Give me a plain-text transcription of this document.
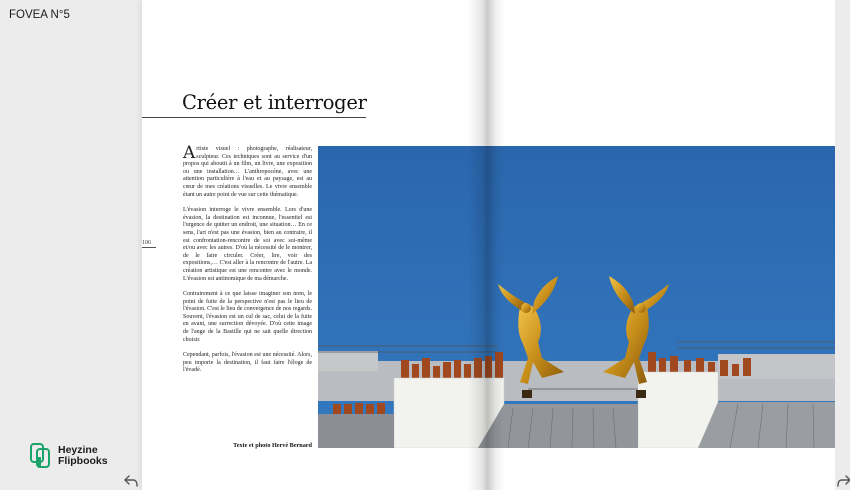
FOVEA N°5
Créer et interroger
106

Artiste visuel : photographe, réalisateur, sculpteur. Ces techniques sont au service d'un propos qui aboutit à un film, un livre, une exposition ou une installation… L'anthropocène, avec une attention particulière à l'eau et au paysage, est au cœur de mes créations visuelles. Le vivre ensemble étant un autre point de vue sur cette thématique.

L'évasion interroge le vivre ensemble. Lors d'une évasion, la destination est inconnue, l'essentiel est l'urgence de quitter un endroit, une situation… En ce sens, l'art n'est pas une évasion, bien au contraire, il est confrontation-rencontre de soi avec soi-même et/ou avec les autres. D'où la nécessité de le montrer, de le faire circuler. Créer, lire, voir des expositions,… C'est aller à la rencontre de l'autre. La création artistique est une rencontre avec le monde. L'évasion est antinomique de ma démarche.

Contrairement à ce que laisse imaginer son nom, le point de fuite de la perspective n'est pas le lieu de l'évasion. C'est le lieu de convergence de nos regards. Souvent, l'évasion est un cul de sac, celui de la fuite en avant, une surrection dévoyée. D'où cette image de l'ange de la Bastille qui ne sait quelle direction choisir.

Cependant, parfois, l'évasion est une nécessité. Alors, peu importe la destination, il faut faire l'éloge de l'évadé.

Texte et photo Hervé Bernard
Heyzine
Flipbooks
